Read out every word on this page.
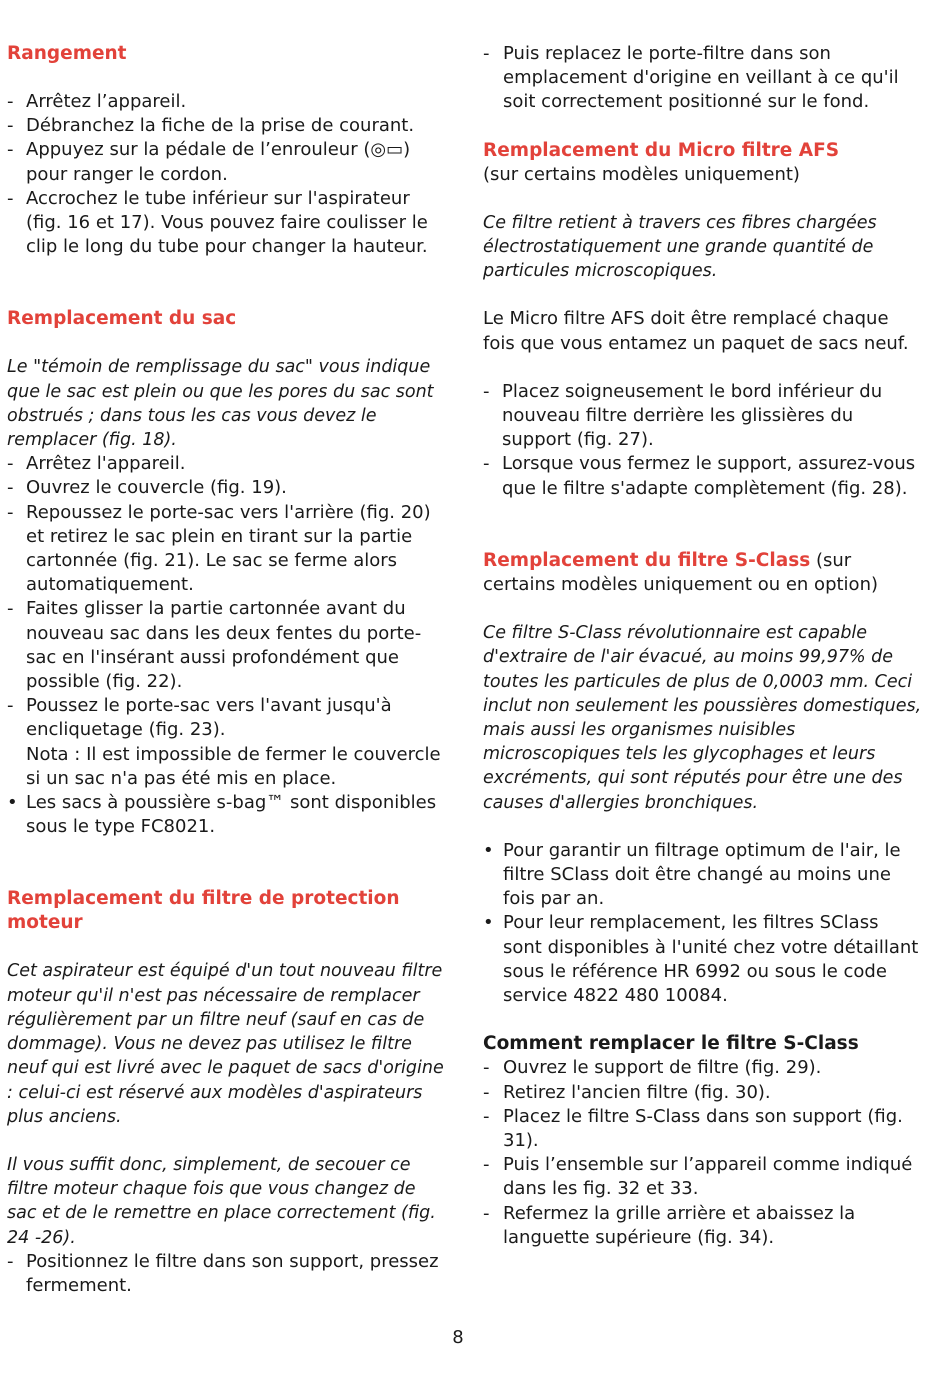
Rangement
- Arrêtez l’appareil.
- Débranchez la fiche de la prise de courant.
- Appuyez sur la pédale de l’enrouleur (◎▭) pour ranger le cordon.
- Accrochez le tube inférieur sur l'aspirateur (fig. 16 et 17). Vous pouvez faire coulisser le clip le long du tube pour changer la hauteur.
Remplacement du sac

Le "témoin de remplissage du sac" vous indique que le sac est plein ou que les pores du sac sont obstrués ; dans tous les cas vous devez le remplacer (fig. 18).

- Arrêtez l'appareil.
- Ouvrez le couvercle (fig. 19).
- Repoussez le porte-sac vers l'arrière (fig. 20) et retirez le sac plein en tirant sur la partie cartonnée (fig. 21). Le sac se ferme alors automatiquement.
- Faites glisser la partie cartonnée avant du nouveau sac dans les deux fentes du porte-sac en l'insérant aussi profondément que possible (fig. 22).
- Poussez le porte-sac vers l'avant jusqu'à encliquetage (fig. 23).
Nota : Il est impossible de fermer le couvercle si un sac n'a pas été mis en place.
• Les sacs à poussière s-bag™ sont disponibles sous le type FC8021.
Remplacement du filtre de protection moteur

Cet aspirateur est équipé d'un tout nouveau filtre moteur qu'il n'est pas nécessaire de remplacer régulièrement par un filtre neuf (sauf en cas de dommage). Vous ne devez pas utilisez le filtre neuf qui est livré avec le paquet de sacs d'origine : celui-ci est réservé aux modèles d'aspirateurs plus anciens.

Il vous suffit donc, simplement, de secouer ce filtre moteur chaque fois que vous changez de sac et de le remettre en place correctement (fig. 24 -26).

- Positionnez le filtre dans son support, pressez fermement.
- Puis replacez le porte-filtre dans son emplacement d'origine en veillant à ce qu'il soit correctement positionné sur le fond.
Remplacement du Micro filtre AFS

(sur certains modèles uniquement)

Ce filtre retient à travers ces fibres chargées électrostatiquement une grande quantité de particules microscopiques.

Le Micro filtre AFS doit être remplacé chaque fois que vous entamez un paquet de sacs neuf.

- Placez soigneusement le bord inférieur du nouveau filtre derrière les glissières du support (fig. 27).
- Lorsque vous fermez le support, assurez-vous que le filtre s'adapte complètement (fig. 28).

Remplacement du filtre S-Class (sur certains modèles uniquement ou en option)

Ce filtre S-Class révolutionnaire est capable d'extraire de l'air évacué, au moins 99,97% de toutes les particules de plus de 0,0003 mm. Ceci inclut non seulement les poussières domestiques, mais aussi les organismes nuisibles microscopiques tels les glycophages et leurs excréments, qui sont réputés pour être une des causes d'allergies bronchiques.

• Pour garantir un filtrage optimum de l'air, le filtre SClass doit être changé au moins une fois par an.
• Pour leur remplacement, les filtres SClass sont disponibles à l'unité chez votre détaillant sous le référence HR 6992 ou sous le code service 4822 480 10084.
Comment remplacer le filtre S-Class
- Ouvrez le support de filtre (fig. 29).
- Retirez l'ancien filtre (fig. 30).
- Placez le filtre S-Class dans son support (fig. 31).
- Puis l’ensemble sur l’appareil comme indiqué dans les fig. 32 et 33.
- Refermez la grille arrière et abaissez la languette supérieure (fig. 34).
8
